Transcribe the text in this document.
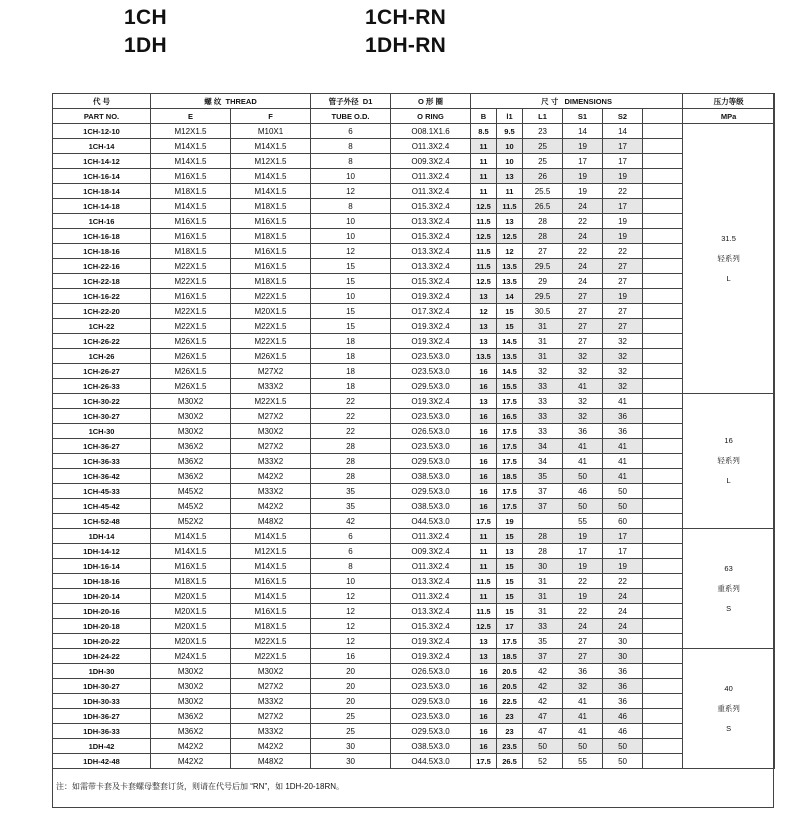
1CH
1DH
1CH-RN
1DH-RN
代 号	螺 纹 THREAD		管子外径 D1	O 形 圈	尺 寸 DIMENSIONS						压力等级
PART NO.	E	F	TUBE O.D.	O RING	B	l1	L1	S1	S2		MPa
1CH-12-10	M12X1.5	M10X1	6	O08.1X1.6	8.5	9.5	23	14	14		31.5
轻系列
L

1CH-14	M14X1.5	M14X1.5	8	O11.3X2.4	11	10	25	19	17		
1CH-14-12	M14X1.5	M12X1.5	8	O09.3X2.4	11	10	25	17	17		
1CH-16-14	M16X1.5	M14X1.5	10	O11.3X2.4	11	13	26	19	19		
1CH-18-14	M18X1.5	M14X1.5	12	O11.3X2.4	11	11	25.5	19	22		
1CH-14-18	M14X1.5	M18X1.5	8	O15.3X2.4	12.5	11.5	26.5	24	17		
1CH-16	M16X1.5	M16X1.5	10	O13.3X2.4	11.5	13	28	22	19		
1CH-16-18	M16X1.5	M18X1.5	10	O15.3X2.4	12.5	12.5	28	24	19		
1CH-18-16	M18X1.5	M16X1.5	12	O13.3X2.4	11.5	12	27	22	22		
1CH-22-16	M22X1.5	M16X1.5	15	O13.3X2.4	11.5	13.5	29.5	24	27		
1CH-22-18	M22X1.5	M18X1.5	15	O15.3X2.4	12.5	13.5	29	24	27		
1CH-16-22	M16X1.5	M22X1.5	10	O19.3X2.4	13	14	29.5	27	19		
1CH-22-20	M22X1.5	M20X1.5	15	O17.3X2.4	12	15	30.5	27	27		
1CH-22	M22X1.5	M22X1.5	15	O19.3X2.4	13	15	31	27	27		
1CH-26-22	M26X1.5	M22X1.5	18	O19.3X2.4	13	14.5	31	27	32		
1CH-26	M26X1.5	M26X1.5	18	O23.5X3.0	13.5	13.5	31	32	32		
1CH-26-27	M26X1.5	M27X2	18	O23.5X3.0	16	14.5	32	32	32		
1CH-26-33	M26X1.5	M33X2	18	O29.5X3.0	16	15.5	33	41	32		
1CH-30-22	M30X2	M22X1.5	22	O19.3X2.4	13	17.5	33	32	41		16
轻系列
L

1CH-30-27	M30X2	M27X2	22	O23.5X3.0	16	16.5	33	32	36		
1CH-30	M30X2	M30X2	22	O26.5X3.0	16	17.5	33	36	36		
1CH-36-27	M36X2	M27X2	28	O23.5X3.0	16	17.5	34	41	41		
1CH-36-33	M36X2	M33X2	28	O29.5X3.0	16	17.5	34	41	41		
1CH-36-42	M36X2	M42X2	28	O38.5X3.0	16	18.5	35	50	41		
1CH-45-33	M45X2	M33X2	35	O29.5X3.0	16	17.5	37	46	50		
1CH-45-42	M45X2	M42X2	35	O38.5X3.0	16	17.5	37	50	50		
1CH-52-48	M52X2	M48X2	42	O44.5X3.0	17.5	19		55	60		
1DH-14	M14X1.5	M14X1.5	6	O11.3X2.4	11	15	28	19	17		63
重系列
S

1DH-14-12	M14X1.5	M12X1.5	6	O09.3X2.4	11	13	28	17	17		
1DH-16-14	M16X1.5	M14X1.5	8	O11.3X2.4	11	15	30	19	19		
1DH-18-16	M18X1.5	M16X1.5	10	O13.3X2.4	11.5	15	31	22	22		
1DH-20-14	M20X1.5	M14X1.5	12	O11.3X2.4	11	15	31	19	24		
1DH-20-16	M20X1.5	M16X1.5	12	O13.3X2.4	11.5	15	31	22	24		
1DH-20-18	M20X1.5	M18X1.5	12	O15.3X2.4	12.5	17	33	24	24		
1DH-20-22	M20X1.5	M22X1.5	12	O19.3X2.4	13	17.5	35	27	30		
1DH-24-22	M24X1.5	M22X1.5	16	O19.3X2.4	13	18.5	37	27	30		40
重系列
S

1DH-30	M30X2	M30X2	20	O26.5X3.0	16	20.5	42	36	36		
1DH-30-27	M30X2	M27X2	20	O23.5X3.0	16	20.5	42	32	36		
1DH-30-33	M30X2	M33X2	20	O29.5X3.0	16	22.5	42	41	36		
1DH-36-27	M36X2	M27X2	25	O23.5X3.0	16	23	47	41	46		
1DH-36-33	M36X2	M33X2	25	O29.5X3.0	16	23	47	41	46		
1DH-42	M42X2	M42X2	30	O38.5X3.0	16	23.5	50	50	50		
1DH-42-48	M42X2	M48X2	30	O44.5X3.0	17.5	26.5	52	55	50		
注：如需带卡套及卡套螺母整套订货，则请在代号后加 “RN”，如 1DH-20-18RN。
